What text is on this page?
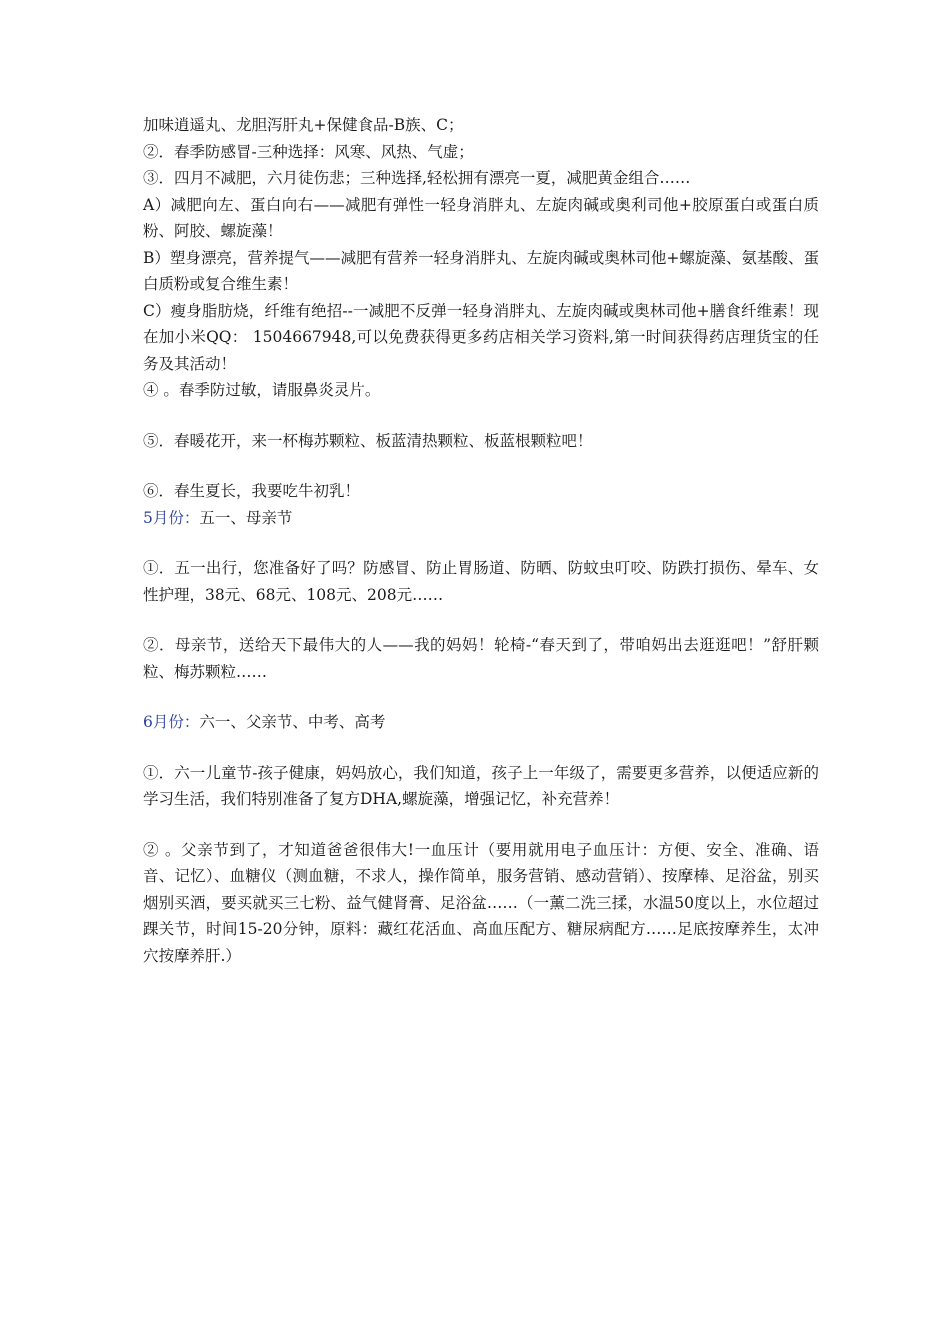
加味逍遥丸、龙胆泻肝丸+保健食品-B族、C；

②．春季防感冒-三种选择：风寒、风热、气虚；

③．四月不减肥，六月徒伤悲；三种选择,轻松拥有漂亮一夏，减肥黄金组合……

A）减肥向左、蛋白向右——减肥有弹性一轻身消胖丸、左旋肉碱或奥利司他+胶原蛋白或蛋白质粉、阿胶、螺旋藻！

B）塑身漂亮，营养提气——减肥有营养一轻身消胖丸、左旋肉碱或奥林司他+螺旋藻、氨基酸、蛋白质粉或复合维生素！

C）瘦身脂肪烧，纤维有绝招--一减肥不反弹一轻身消胖丸、左旋肉碱或奥林司他+膳食纤维素！现在加小米QQ： 1504667948,可以免费获得更多药店相关学习资料,第一时间获得药店理货宝的任务及其活动！

④ 。春季防过敏，请服鼻炎灵片。

⑤．春暖花开，来一杯梅苏颗粒、板蓝清热颗粒、板蓝根颗粒吧！

⑥．春生夏长，我要吃牛初乳！

5月份：五一、母亲节

①．五一出行，您准备好了吗？防感冒、防止胃肠道、防晒、防蚊虫叮咬、防跌打损伤、晕车、女性护理，38元、68元、108元、208元……

②．母亲节，送给天下最伟大的人——我的妈妈！轮椅-“春天到了，带咱妈出去逛逛吧！”舒肝颗粒、梅苏颗粒……

6月份：六一、父亲节、中考、高考

①．六一儿童节-孩子健康，妈妈放心，我们知道，孩子上一年级了，需要更多营养，以便适应新的学习生活，我们特别准备了复方DHA,螺旋藻，增强记忆，补充营养！

② 。父亲节到了，才知道爸爸很伟大!一血压计（要用就用电子血压计：方便、安全、准确、语音、记忆）、血糖仪（测血糖，不求人，操作简单，服务营销、感动营销）、按摩棒、足浴盆，别买烟别买酒，要买就买三七粉、益气健肾膏、足浴盆……（一薰二洗三揉，水温50度以上，水位超过踝关节，时间15-20分钟，原料：藏红花活血、高血压配方、糖尿病配方……足底按摩养生，太冲穴按摩养肝.）
